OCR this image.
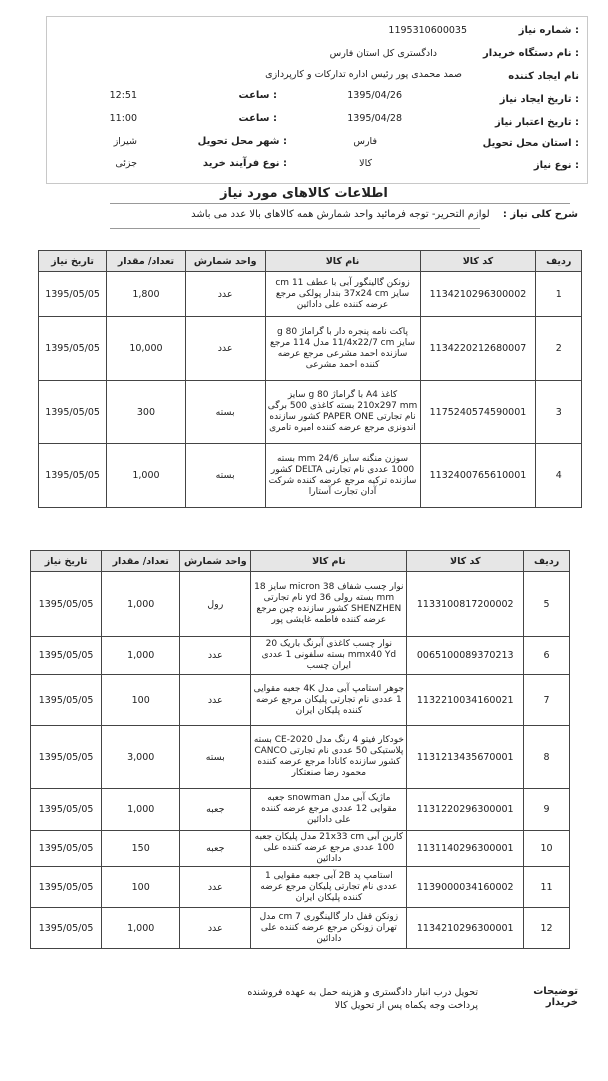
شماره نیاز :
1195310600035
نام دستگاه خریدار :
دادگستری کل استان فارس
نام ایجاد کننده
صمد محمدی پور رئیس اداره تدارکات و کارپردازی
تاریخ ایجاد نیاز :
1395/04/26
ساعت :
12:51
تاریخ اعتبار نیاز :
1395/04/28
ساعت :
11:00
استان محل تحویل :
فارس
شهر محل تحویل :
شیراز
نوع نیاز :
کالا
نوع فرآیند خرید :
جزئی
اطلاعات کالاهای مورد نیاز
شرح کلی نیاز : لوازم التحریر- توجه فرمائید واحد شمارش همه کالاهای بالا عدد می باشد
ردیف	کد کالا	نام کالا	واحد شمارش	تعداد/ مقدار	تاریخ نیاز
1	1134210296300002	زونکن گالینگور آبی با عطف 11 cm سایز 37x24 cm بندار پولکی مرجع عرضه کننده علی دادائین	عدد	1,800	1395/05/05
2	1134220212680007	پاکت نامه پنجره دار با گراماژ 80 g سایز 11/4x22/7 cm مدل 114 مرجع سازنده احمد مشرعی مرجع عرضه کننده احمد مشرعی	عدد	10,000	1395/05/05
3	1175240574590001	کاغذ A4 با گراماژ 80 g سایز 210x297 mm بسته کاغذی 500 برگی نام تجارتی PAPER ONE کشور سازنده اندونزی مرجع عرضه کننده امیره تامری	بسته	300	1395/05/05
4	1132400765610001	سوزن منگنه سایز 24/6 mm بسته 1000 عددی نام تجارتی DELTA کشور سازنده ترکیه مرجع عرضه کننده شرکت آدان تجارت آستارا	بسته	1,000	1395/05/05
ردیف	کد کالا	نام کالا	واحد شمارش	تعداد/ مقدار	تاریخ نیاز
5	1133100817200002	نوار چسب شفاف 38 micron سایز 18 mm بسته رولی 36 yd نام تجارتی SHENZHEN کشور سازنده چین مرجع عرضه کننده فاطمه غایشی پور	رول	1,000	1395/05/05
6	0065100089370213	نوار چسب کاغذی آبرنگ باریک 20 mmx40 Yd بسته سلفونی 1 عددی ایران چسب	عدد	1,000	1395/05/05
7	1132210034160021	جوهر استامپ آبی مدل 4K جعبه مقوایی 1 عددی نام تجارتی پلیکان مرجع عرضه کننده پلیکان ایران	عدد	100	1395/05/05
8	1131213435670001	خودکار فیتو 4 رنگ مدل CE-2020 بسته پلاستیکی 50 عددی نام تجارتی CANCO کشور سازنده کانادا مرجع عرضه کننده محمود رضا صنعتکار	بسته	3,000	1395/05/05
9	1131220296300001	ماژیک آبی مدل snowman جعبه مقوایی 12 عددی مرجع عرضه کننده علی دادائین	جعبه	1,000	1395/05/05
10	1131140296300001	کاربن آبی 21x33 cm مدل پلیکان جعبه 100 عددی مرجع عرضه کننده علی دادائین	جعبه	150	1395/05/05
11	1139000034160002	استامپ پد 2B آبی جعبه مقوایی 1 عددی نام تجارتی پلیکان مرجع عرضه کننده پلیکان ایران	عدد	100	1395/05/05
12	1134210296300001	زونکن قفل دار گالینگوری 7 cm مدل تهران زونکن مرجع عرضه کننده علی دادائین	عدد	1,000	1395/05/05
توضیحات خریدار
تحویل درب انبار دادگستری و هزینه حمل به عهده فروشنده
پرداخت وجه یکماه پس از تحویل کالا
